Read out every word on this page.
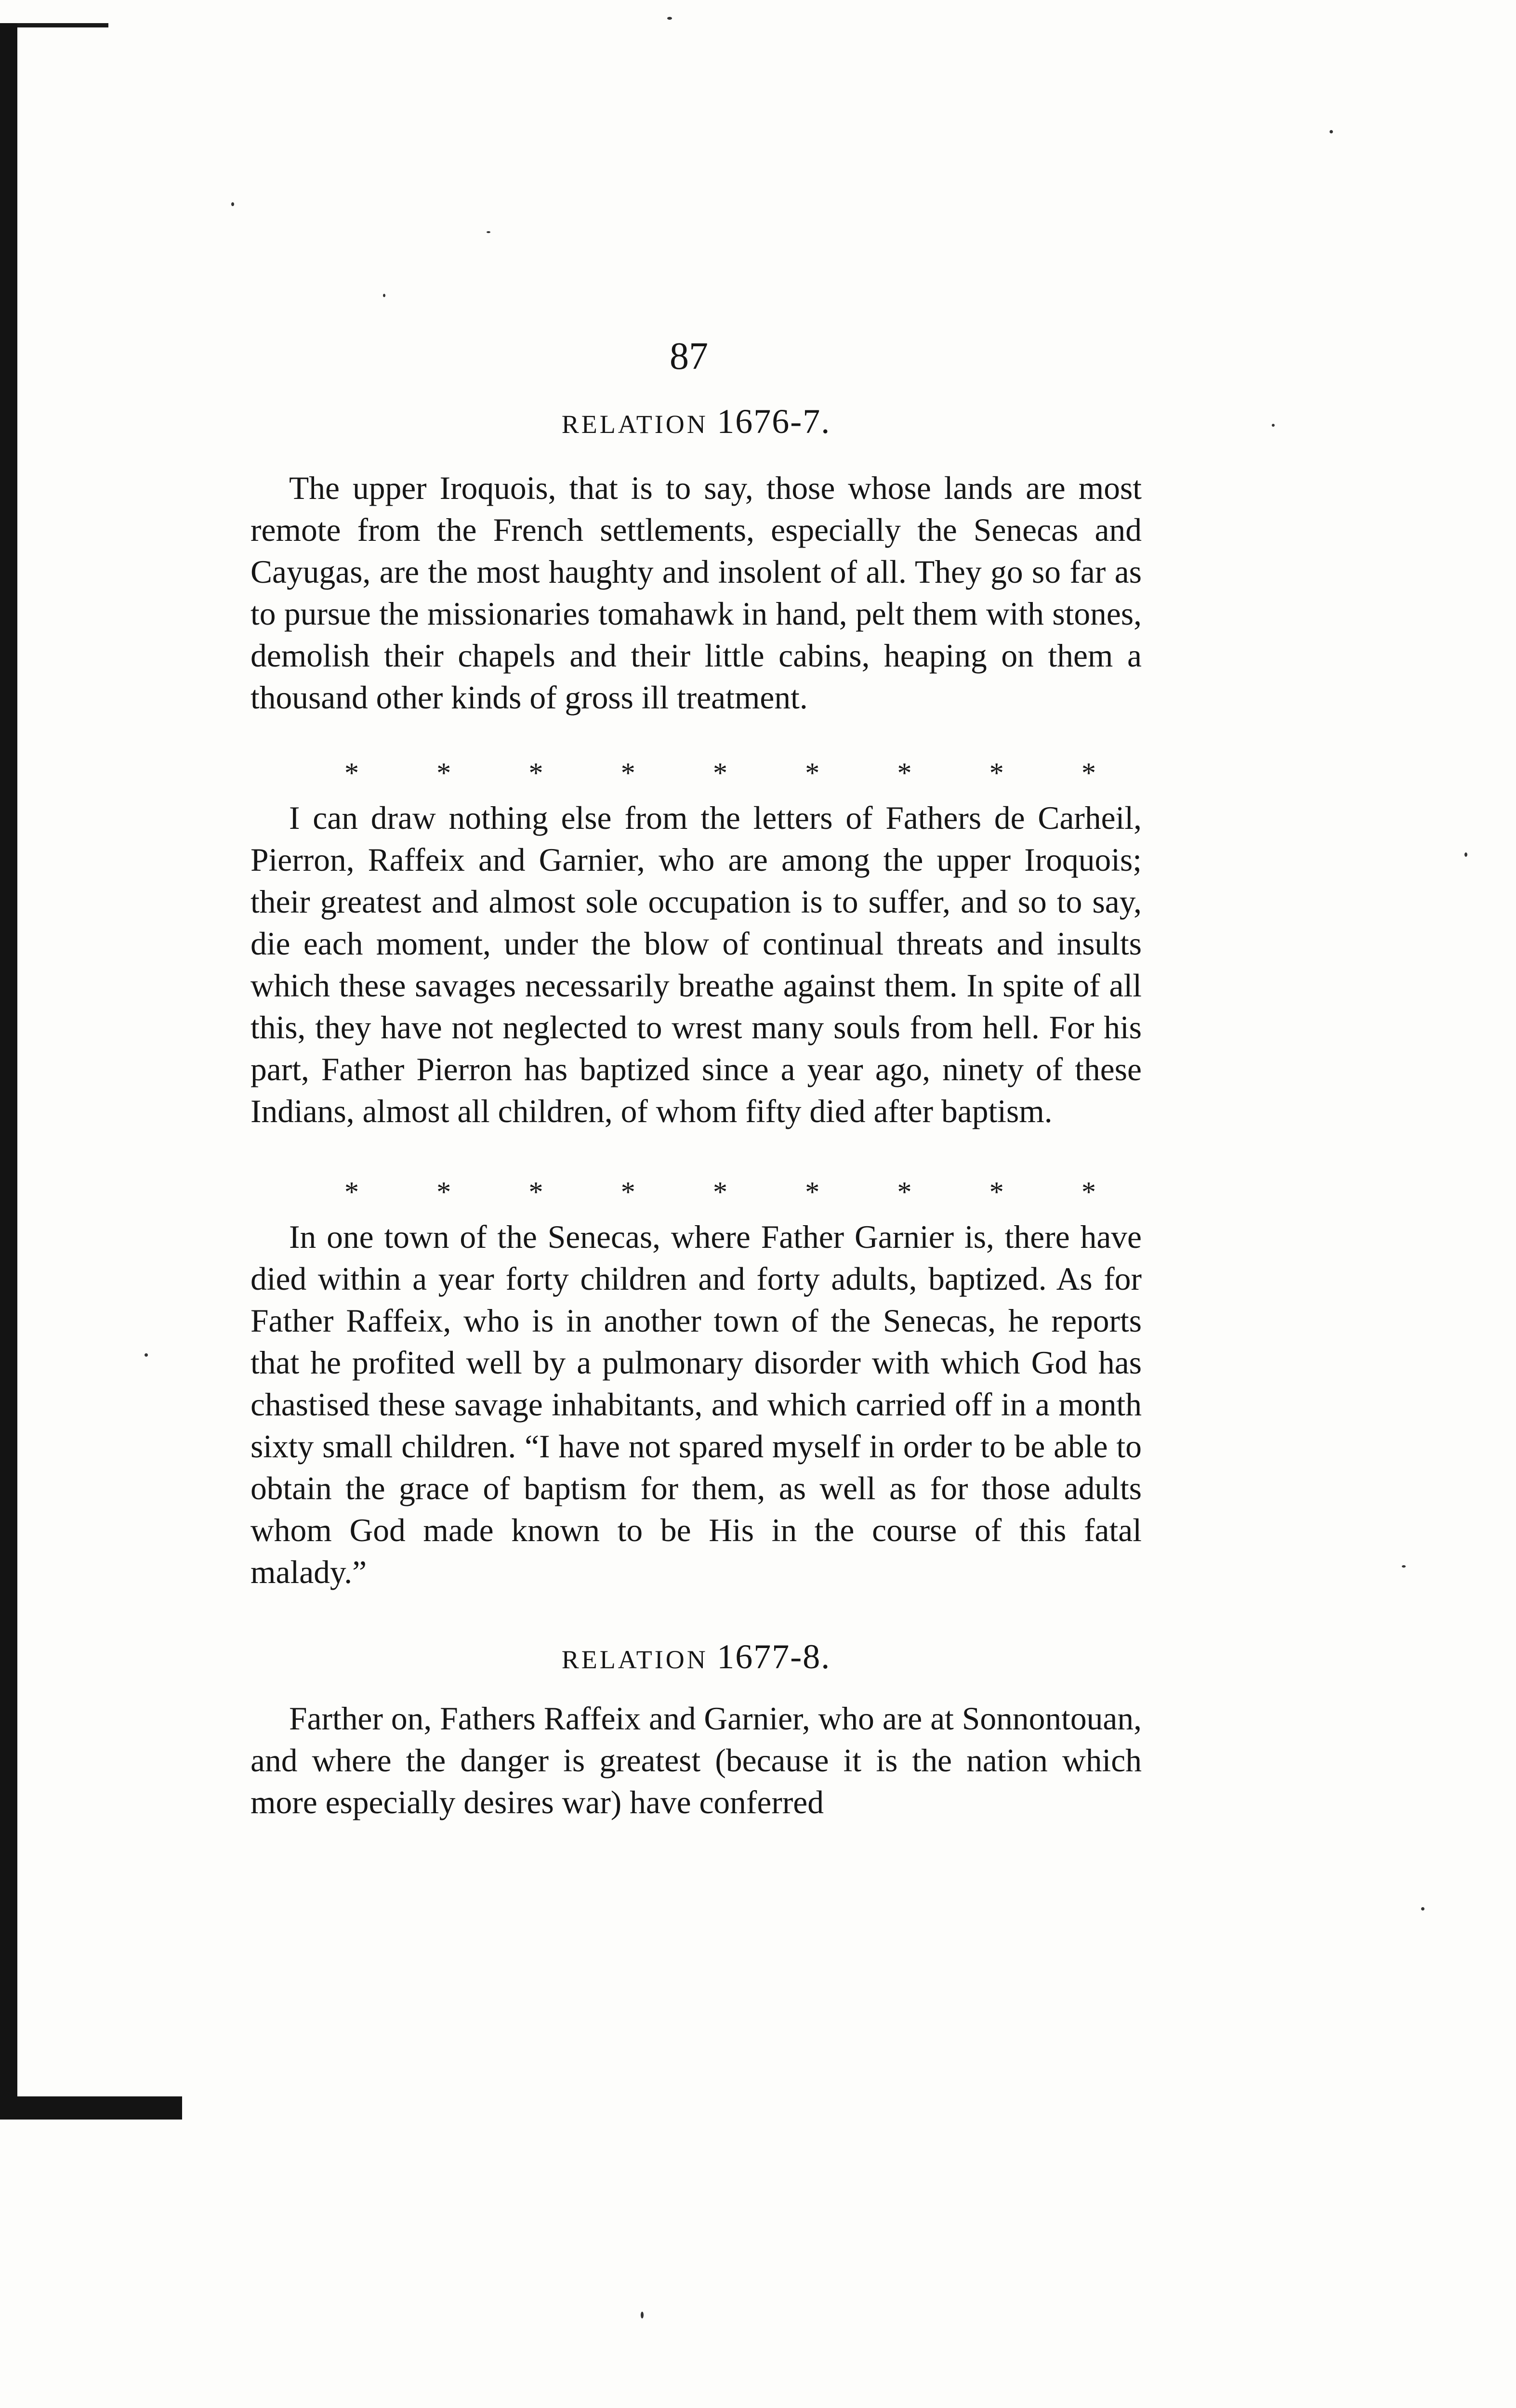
87
RELATION 1676-7.
The upper Iroquois, that is to say, those whose lands are most remote from the French settlements, especially the Senecas and Cayugas, are the most haughty and insolent of all. They go so far as to pursue the missionaries tomahawk in hand, pelt them with stones, demolish their chapels and their little cabins, heaping on them a thousand other kinds of gross ill treatment.
*	*	*	*	*	*	*	*	*
I can draw nothing else from the letters of Fathers de Carheil, Pierron, Raffeix and Garnier, who are among the upper Iroquois; their greatest and almost sole occupation is to suffer, and so to say, die each moment, under the blow of continual threats and insults which these savages necessarily breathe against them. In spite of all this, they have not neglected to wrest many souls from hell. For his part, Father Pierron has baptized since a year ago, ninety of these Indians, almost all children, of whom fifty died after baptism.
*	*	*	*	*	*	*	*	*
In one town of the Senecas, where Father Garnier is, there have died within a year forty children and forty adults, baptized. As for Father Raffeix, who is in another town of the Senecas, he reports that he profited well by a pulmonary disorder with which God has chastised these savage inhabitants, and which carried off in a month sixty small children. “I have not spared myself in order to be able to obtain the grace of baptism for them, as well as for those adults whom God made known to be His in the course of this fatal malady.”
RELATION 1677-8.
Farther on, Fathers Raffeix and Garnier, who are at Sonnontouan, and where the danger is greatest (because it is the nation which more especially desires war) have conferred
